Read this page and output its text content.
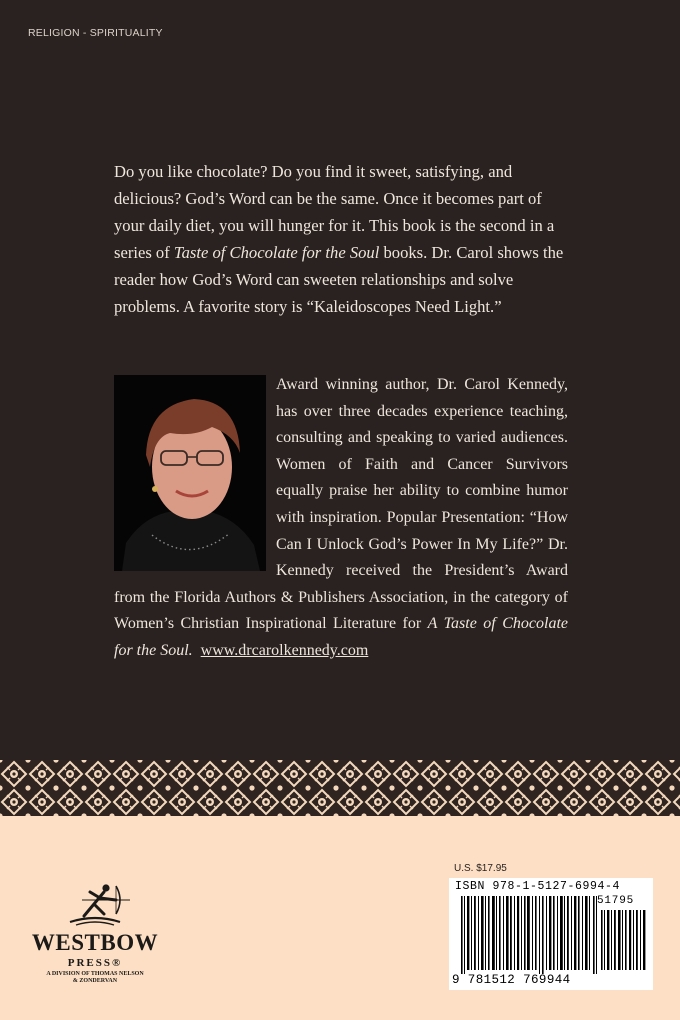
RELIGION - SPIRITUALITY

Do you like chocolate? Do you find it sweet, satisfying, and delicious? God’s Word can be the same. Once it becomes part of your daily diet, you will hunger for it. This book is the second in a series of Taste of Chocolate for the Soul books. Dr. Carol shows the reader how God’s Word can sweeten relationships and solve problems. A favorite story is “Kaleidoscopes Need Light.”

Award winning author, Dr. Carol Kennedy, has over three decades experience teaching, consulting and speaking to varied audiences. Women of Faith and Cancer Survivors equally praise her ability to combine humor with inspiration. Popular Presentation: “How Can I Unlock God’s Power In My Life?” Dr. Kennedy received the President’s Award from the Florida Authors & Publishers Association, in the category of Women’s Christian Inspirational Literature for A Taste of Chocolate for the Soul. www.drcarolkennedy.com
WESTBOW
PRESS®
A DIVISION OF THOMAS NELSON
& ZONDERVAN
U.S. $17.95
ISBN 978-1-5127-6994-4
51795
9 781512 769944
